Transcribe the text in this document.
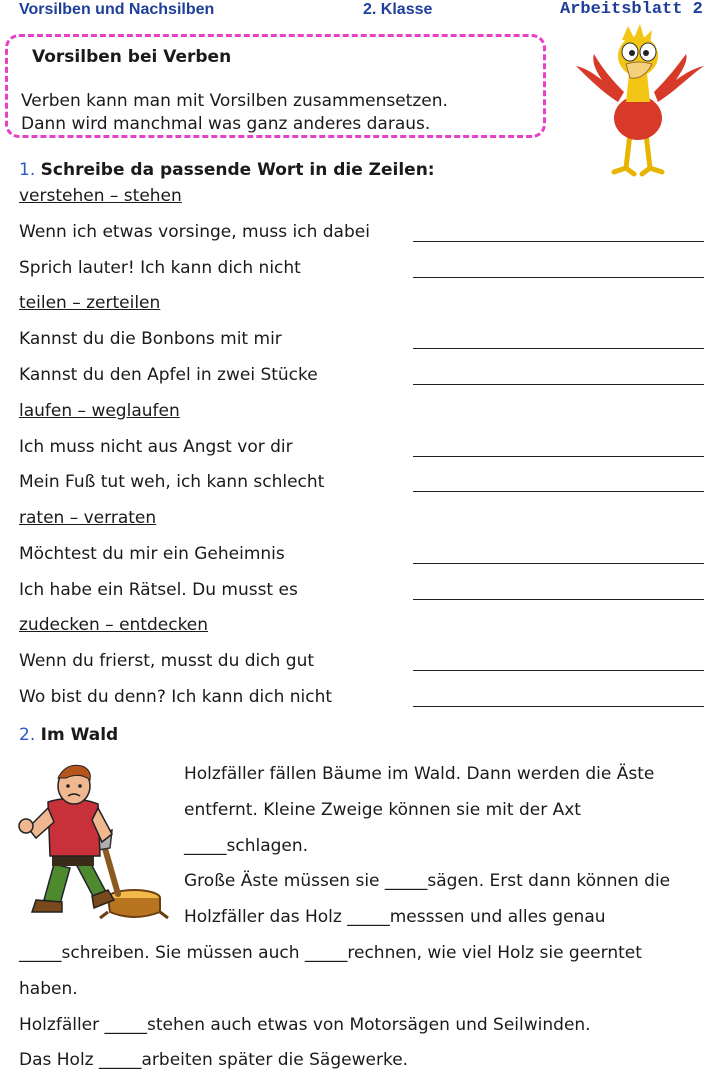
Vorsilben und Nachsilben	2. Klasse	Arbeitsblatt 2
Vorsilben bei Verben
Verben kann man mit Vorsilben zusammensetzen.
Dann wird manchmal was ganz anderes daraus.
1. Schreibe da passende Wort in die Zeilen:
verstehen – stehen
Wenn ich etwas vorsinge, muss ich dabei
Sprich lauter! Ich kann dich nicht
teilen – zerteilen
Kannst du die Bonbons mit mir
Kannst du den Apfel in zwei Stücke
laufen – weglaufen
Ich muss nicht aus Angst vor dir
Mein Fuß tut weh, ich kann schlecht
raten – verraten
Möchtest du mir ein Geheimnis
Ich habe ein Rätsel. Du musst es
zudecken – entdecken
Wenn du frierst, musst du dich gut
Wo bist du denn? Ich kann dich nicht
2. Im Wald
Holzfäller fällen Bäume im Wald. Dann werden die Äste
entfernt. Kleine Zweige können sie mit der Axt
_____schlagen.
Große Äste müssen sie _____sägen. Erst dann können die
Holzfäller das Holz _____messsen und alles genau
_____schreiben. Sie müssen auch _____rechnen, wie viel Holz sie geerntet
haben.
Holzfäller _____stehen auch etwas von Motorsägen und Seilwinden.
Das Holz _____arbeiten später die Sägewerke.
